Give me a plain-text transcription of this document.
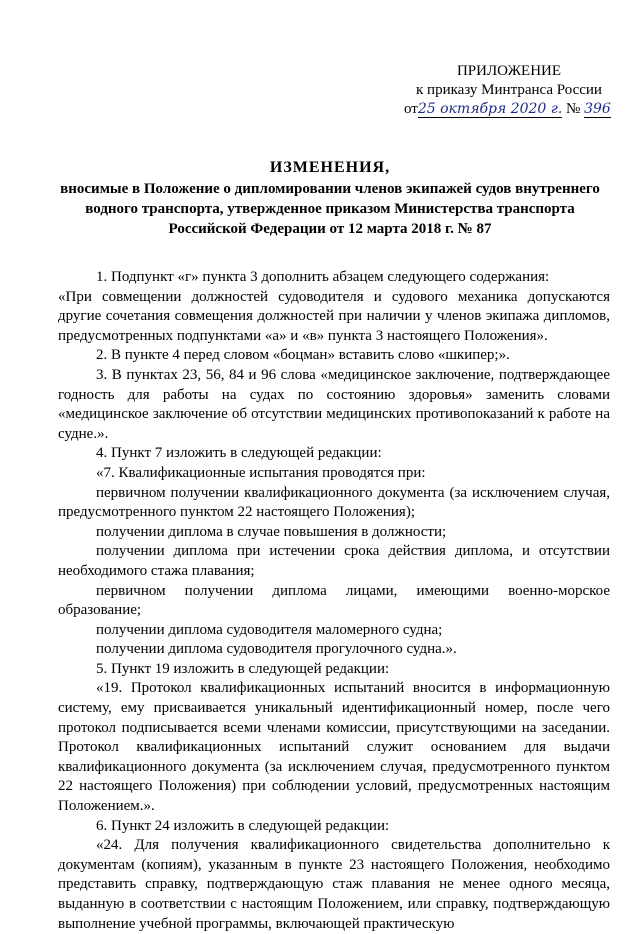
ПРИЛОЖЕНИЕ
к приказу Минтранса России
от25 октября 2020 г. № 396
ИЗМЕНЕНИЯ,
вносимые в Положение о дипломировании членов экипажей судов внутреннего
водного транспорта, утвержденное приказом Министерства транспорта
Российской Федерации от 12 марта 2018 г. № 87

1. Подпункт «г» пункта 3 дополнить абзацем следующего содержания:

«При совмещении должностей судоводителя и судового механика допускаются другие сочетания совмещения должностей при наличии у членов экипажа дипломов, предусмотренных подпунктами «а» и «в» пункта 3 настоящего Положения».

2. В пункте 4 перед словом «боцман» вставить слово «шкипер;».

3. В пунктах 23, 56, 84 и 96 слова «медицинское заключение, подтверждающее годность для работы на судах по состоянию здоровья» заменить словами «медицинское заключение об отсутствии медицинских противопоказаний к работе на судне.».

4. Пункт 7 изложить в следующей редакции:

«7. Квалификационные испытания проводятся при:

первичном получении квалификационного документа (за исключением случая, предусмотренного пунктом 22 настоящего Положения);

получении диплома в случае повышения в должности;

получении диплома при истечении срока действия диплома, и отсутствии необходимого стажа плавания;

первичном получении диплома лицами, имеющими военно-морское образование;

получении диплома судоводителя маломерного судна;

получении диплома судоводителя прогулочного судна.».

5. Пункт 19 изложить в следующей редакции:

«19. Протокол квалификационных испытаний вносится в информационную систему, ему присваивается уникальный идентификационный номер, после чего протокол подписывается всеми членами комиссии, присутствующими на заседании. Протокол квалификационных испытаний служит основанием для выдачи квалификационного документа (за исключением случая, предусмотренного пунктом 22 настоящего Положения) при соблюдении условий, предусмотренных настоящим Положением.».

6. Пункт 24 изложить в следующей редакции:

«24. Для получения квалификационного свидетельства дополнительно к документам (копиям), указанным в пункте 23 настоящего Положения, необходимо представить справку, подтверждающую стаж плавания не менее одного месяца, выданную в соответствии с настоящим Положением, или справку, подтверждающую выполнение учебной программы, включающей практическую
